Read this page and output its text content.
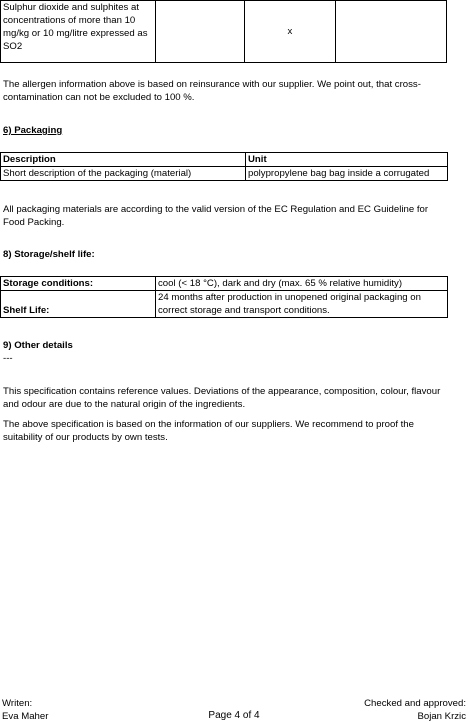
Sulphur dioxide and sulphites at concentrations of more than 10 mg/kg or 10 mg/litre expressed as SO2		x	

The allergen information above is based on reinsurance with our supplier. We point out, that cross-contamination can not be excluded to 100 %.

6) Packaging

Description	Unit
Short description of the packaging (material)	polypropylene bag bag inside a corrugated

All packaging materials are according to the valid version of the EC Regulation and EC Guideline for Food Packing.

8) Storage/shelf life:

Storage conditions:	cool (< 18 °C), dark and dry (max. 65 % relative humidity)
Shelf Life:	24 months after production in unopened original packaging on correct storage and transport conditions.

9) Other details

---

This specification contains reference values. Deviations of the appearance, composition, colour, flavour and odour are due to the natural origin of the ingredients.

The above specification is based on the information of our suppliers. We recommend to proof the suitability of our products by own tests.

Writen:
Eva Maher	Page 4 of 4
Checked and approved:
Bojan Krzic
